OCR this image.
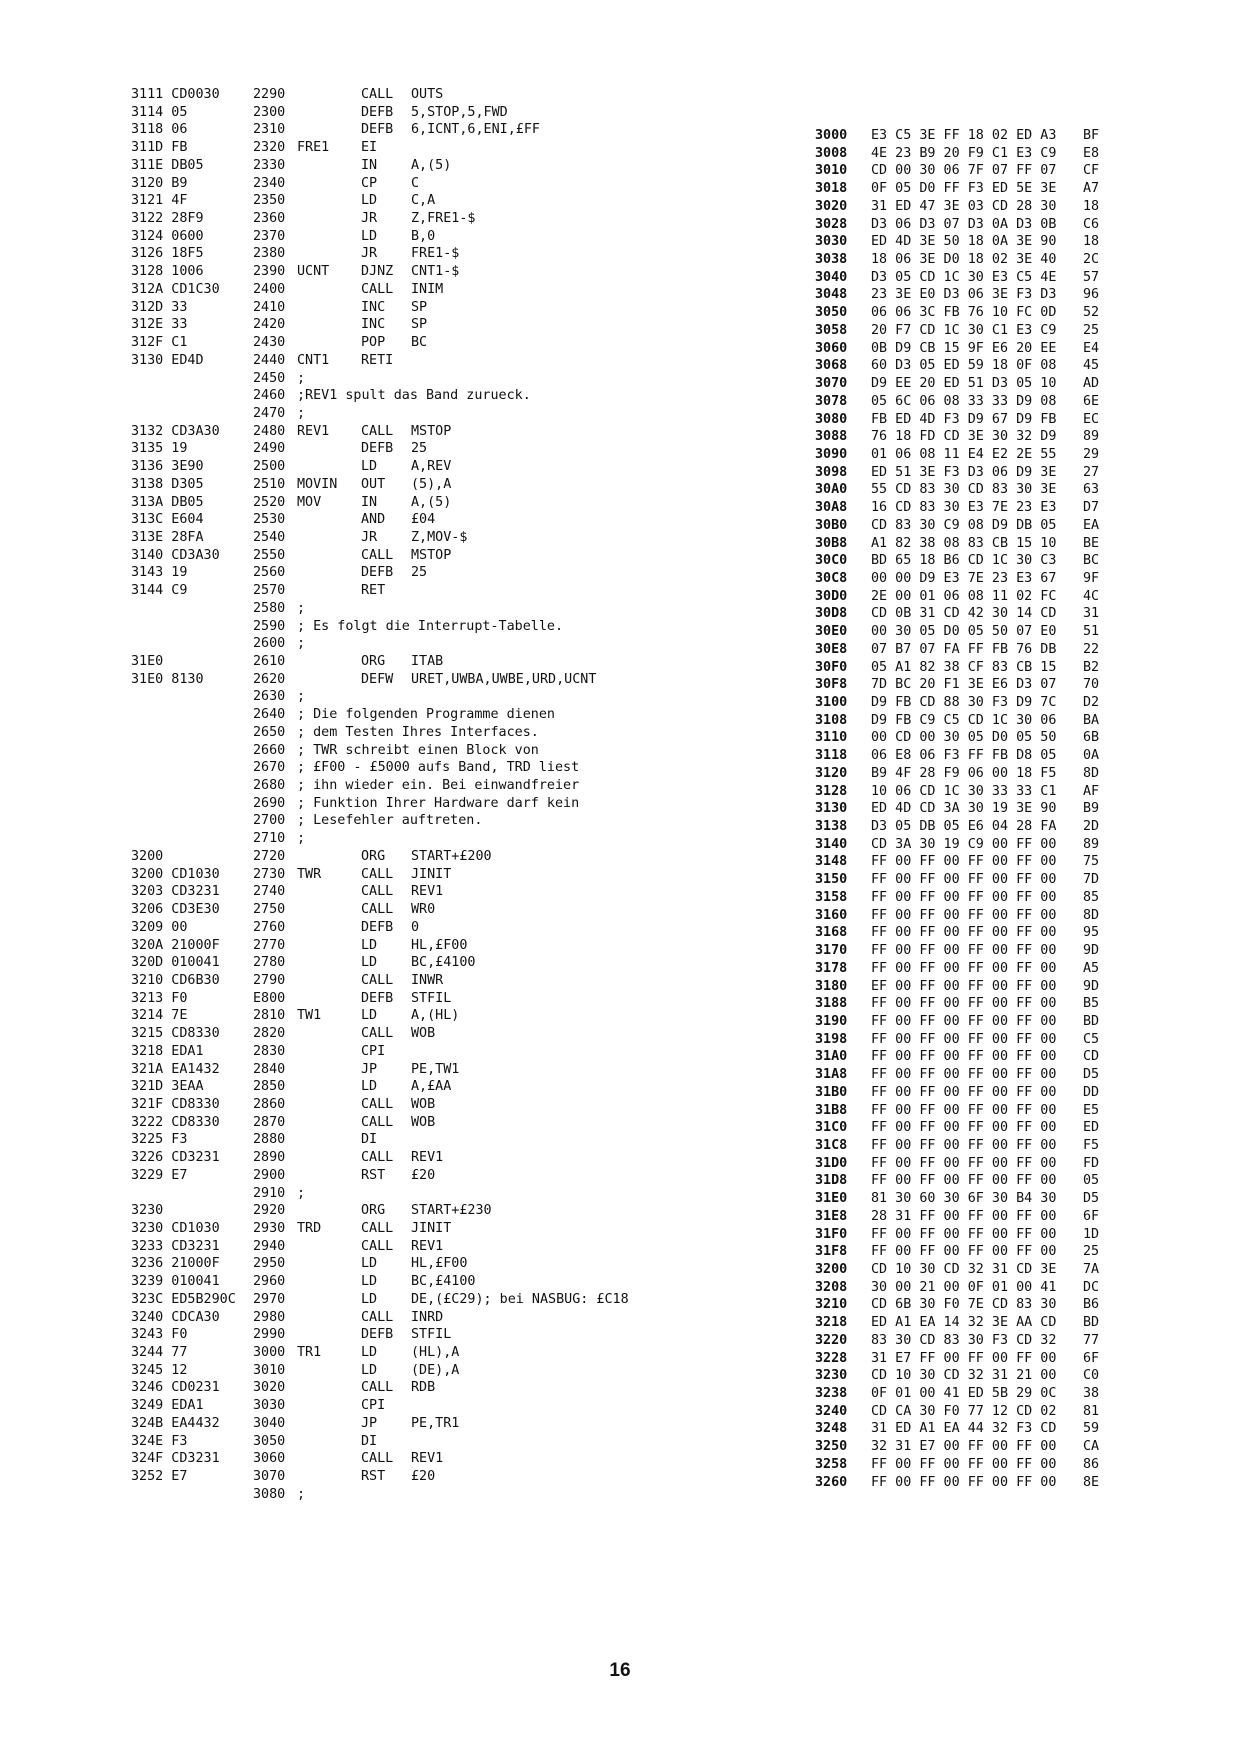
3111 CD0030 2290	CALL OUTS
3114 05	2300	DEFB 5,STOP,5,FWD
3118 06	2310	DEFB 6,ICNT,6,ENI,£FF
311D FB	2320 FRE1 EI
311E DB05	2330	IN	A,(5)
3120 B9	2340	CP	C
3121 4F	2350	LD	C,A
3122 28F9	2360	JR	Z,FRE1-$
3124 0600	2370	LD	B,0
3126 18F5	2380	JR	FRE1-$
3128 1006	2390 UCNT DJNZ CNT1-$
312A CD1C30 2400	CALL INIM
312D 33	2410	INC SP
312E 33	2420	INC SP
312F C1	2430	POP BC
3130 ED4D	2440 CNT1 RETI
2450 ;
2460 ;REV1 spult das Band zurueck.
2470 ;
3132 CD3A30 2480 REV1 CALL MSTOP
3135 19	2490	DEFB 25
3136 3E90	2500	LD	A,REV
3138 D305	2510 MOVIN OUT (5),A
313A DB05	2520 MOV	IN	A,(5)
313C E604	2530	AND £04
313E 28FA	2540	JR	Z,MOV-$
3140 CD3A30 2550	CALL MSTOP
3143 19	2560	DEFB 25
3144 C9	2570	RET
2580 ;
2590 ; Es folgt die Interrupt-Tabelle.
2600 ;
31E0	2610	ORG ITAB
31E0 8130	2620	DEFW URET,UWBA,UWBE,URD,UCNT
2630 ;
2640 ; Die folgenden Programme dienen
2650 ; dem Testen Ihres Interfaces.
2660 ; TWR schreibt einen Block von
2670 ; £F00 - £5000 aufs Band, TRD liest
2680 ; ihn wieder ein. Bei einwandfreier
2690 ; Funktion Ihrer Hardware darf kein
2700 ; Lesefehler auftreten.
2710 ;
3200	2720	ORG START+£200
3200 CD1030 2730 TWR	CALL JINIT
3203 CD3231 2740	CALL REV1
3206 CD3E30 2750	CALL WR0
3209 00	2760	DEFB 0
320A 21000F 2770	LD	HL,£F00
320D 010041 2780	LD	BC,£4100
3210 CD6B30 2790	CALL INWR
3213 F0	E800	DEFB STFIL
3214 7E	2810 TW1	LD	A,(HL)
3215 CD8330 2820	CALL WOB
3218 EDA1	2830	CPI
321A EA1432 2840	JP	PE,TW1
321D 3EAA	2850	LD	A,£AA
321F CD8330 2860	CALL WOB
3222 CD8330 2870	CALL WOB
3225 F3	2880	DI
3226 CD3231 2890	CALL REV1
3229 E7	2900	RST £20
2910 ;
3230	2920	ORG START+£230
3230 CD1030 2930 TRD	CALL JINIT
3233 CD3231 2940	CALL REV1
3236 21000F 2950	LD	HL,£F00
3239 010041 2960	LD	BC,£4100
323C ED5B290C 2970	LD	DE,(£C29); bei NASBUG: £C18
3240 CDCA30 2980	CALL INRD
3243 F0	2990	DEFB STFIL
3244 77	3000 TR1	LD	(HL),A
3245 12	3010	LD	(DE),A
3246 CD0231 3020	CALL RDB
3249 EDA1	3030	CPI
324B EA4432 3040	JP	PE,TR1
324E F3	3050	DI
324F CD3231 3060	CALL REV1
3252 E7	3070	RST £20
3080 ;
3000 E3 C5 3E FF 18 02 ED A3 BF
3008 4E 23 B9 20 F9 C1 E3 C9 E8
3010 CD 00 30 06 7F 07 FF 07 CF
3018 0F 05 D0 FF F3 ED 5E 3E A7
3020 31 ED 47 3E 03 CD 28 30 18
3028 D3 06 D3 07 D3 0A D3 0B C6
3030 ED 4D 3E 50 18 0A 3E 90 18
3038 18 06 3E D0 18 02 3E 40 2C
3040 D3 05 CD 1C 30 E3 C5 4E 57
3048 23 3E E0 D3 06 3E F3 D3 96
3050 06 06 3C FB 76 10 FC 0D 52
3058 20 F7 CD 1C 30 C1 E3 C9 25
3060 0B D9 CB 15 9F E6 20 EE E4
3068 60 D3 05 ED 59 18 0F 08 45
3070 D9 EE 20 ED 51 D3 05 10 AD
3078 05 6C 06 08 33 33 D9 08 6E
3080 FB ED 4D F3 D9 67 D9 FB EC
3088 76 18 FD CD 3E 30 32 D9 89
3090 01 06 08 11 E4 E2 2E 55 29
3098 ED 51 3E F3 D3 06 D9 3E 27
30A0 55 CD 83 30 CD 83 30 3E 63
30A8 16 CD 83 30 E3 7E 23 E3 D7
30B0 CD 83 30 C9 08 D9 DB 05 EA
30B8 A1 82 38 08 83 CB 15 10 BE
30C0 BD 65 18 B6 CD 1C 30 C3 BC
30C8 00 00 D9 E3 7E 23 E3 67 9F
30D0 2E 00 01 06 08 11 02 FC 4C
30D8 CD 0B 31 CD 42 30 14 CD 31
30E0 00 30 05 D0 05 50 07 E0 51
30E8 07 B7 07 FA FF FB 76 DB 22
30F0 05 A1 82 38 CF 83 CB 15 B2
30F8 7D BC 20 F1 3E E6 D3 07 70
3100 D9 FB CD 88 30 F3 D9 7C D2
3108 D9 FB C9 C5 CD 1C 30 06 BA
3110 00 CD 00 30 05 D0 05 50 6B
3118 06 E8 06 F3 FF FB D8 05 0A
3120 B9 4F 28 F9 06 00 18 F5 8D
3128 10 06 CD 1C 30 33 33 C1 AF
3130 ED 4D CD 3A 30 19 3E 90 B9
3138 D3 05 DB 05 E6 04 28 FA 2D
3140 CD 3A 30 19 C9 00 FF 00 89
3148 FF 00 FF 00 FF 00 FF 00 75
3150 FF 00 FF 00 FF 00 FF 00 7D
3158 FF 00 FF 00 FF 00 FF 00 85
3160 FF 00 FF 00 FF 00 FF 00 8D
3168 FF 00 FF 00 FF 00 FF 00 95
3170 FF 00 FF 00 FF 00 FF 00 9D
3178 FF 00 FF 00 FF 00 FF 00 A5
3180 EF 00 FF 00 FF 00 FF 00 9D
3188 FF 00 FF 00 FF 00 FF 00 B5
3190 FF 00 FF 00 FF 00 FF 00 BD
3198 FF 00 FF 00 FF 00 FF 00 C5
31A0 FF 00 FF 00 FF 00 FF 00 CD
31A8 FF 00 FF 00 FF 00 FF 00 D5
31B0 FF 00 FF 00 FF 00 FF 00 DD
31B8 FF 00 FF 00 FF 00 FF 00 E5
31C0 FF 00 FF 00 FF 00 FF 00 ED
31C8 FF 00 FF 00 FF 00 FF 00 F5
31D0 FF 00 FF 00 FF 00 FF 00 FD
31D8 FF 00 FF 00 FF 00 FF 00 05
31E0 81 30 60 30 6F 30 B4 30 D5
31E8 28 31 FF 00 FF 00 FF 00 6F
31F0 FF 00 FF 00 FF 00 FF 00 1D
31F8 FF 00 FF 00 FF 00 FF 00 25
3200 CD 10 30 CD 32 31 CD 3E 7A
3208 30 00 21 00 0F 01 00 41 DC
3210 CD 6B 30 F0 7E CD 83 30 B6
3218 ED A1 EA 14 32 3E AA CD BD
3220 83 30 CD 83 30 F3 CD 32 77
3228 31 E7 FF 00 FF 00 FF 00 6F
3230 CD 10 30 CD 32 31 21 00 C0
3238 0F 01 00 41 ED 5B 29 0C 38
3240 CD CA 30 F0 77 12 CD 02 81
3248 31 ED A1 EA 44 32 F3 CD 59
3250 32 31 E7 00 FF 00 FF 00 CA
3258 FF 00 FF 00 FF 00 FF 00 86
3260 FF 00 FF 00 FF 00 FF 00 8E
16
